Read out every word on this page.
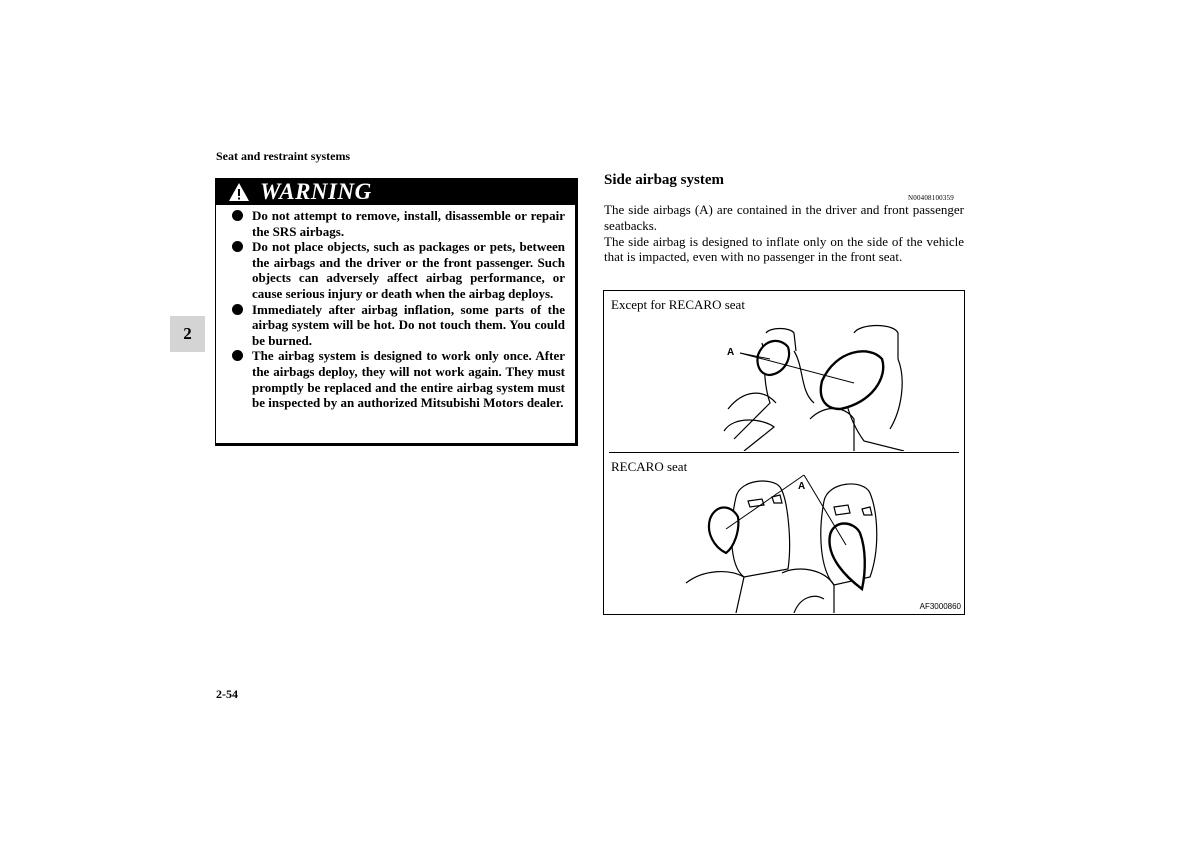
Seat and restraint systems
2
WARNING
Do not attempt to remove, install, disassemble or repair the SRS airbags.
Do not place objects, such as packages or pets, between the airbags and the driver or the front passenger. Such objects can adversely affect airbag performance, or cause serious injury or death when the airbag deploys.
Immediately after airbag inflation, some parts of the airbag system will be hot. Do not touch them. You could be burned.
The airbag system is designed to work only once. After the airbags deploy, they will not work again. They must promptly be replaced and the entire airbag system must be inspected by an authorized Mitsubishi Motors dealer.
Side airbag system
N00408100359

The side airbags (A) are contained in the driver and front passenger seatbacks.

The side airbag is designed to inflate only on the side of the vehicle that is impacted, even with no passenger in the front seat.

Except for RECARO seat
A
RECARO seat
A
AF3000860
2-54
